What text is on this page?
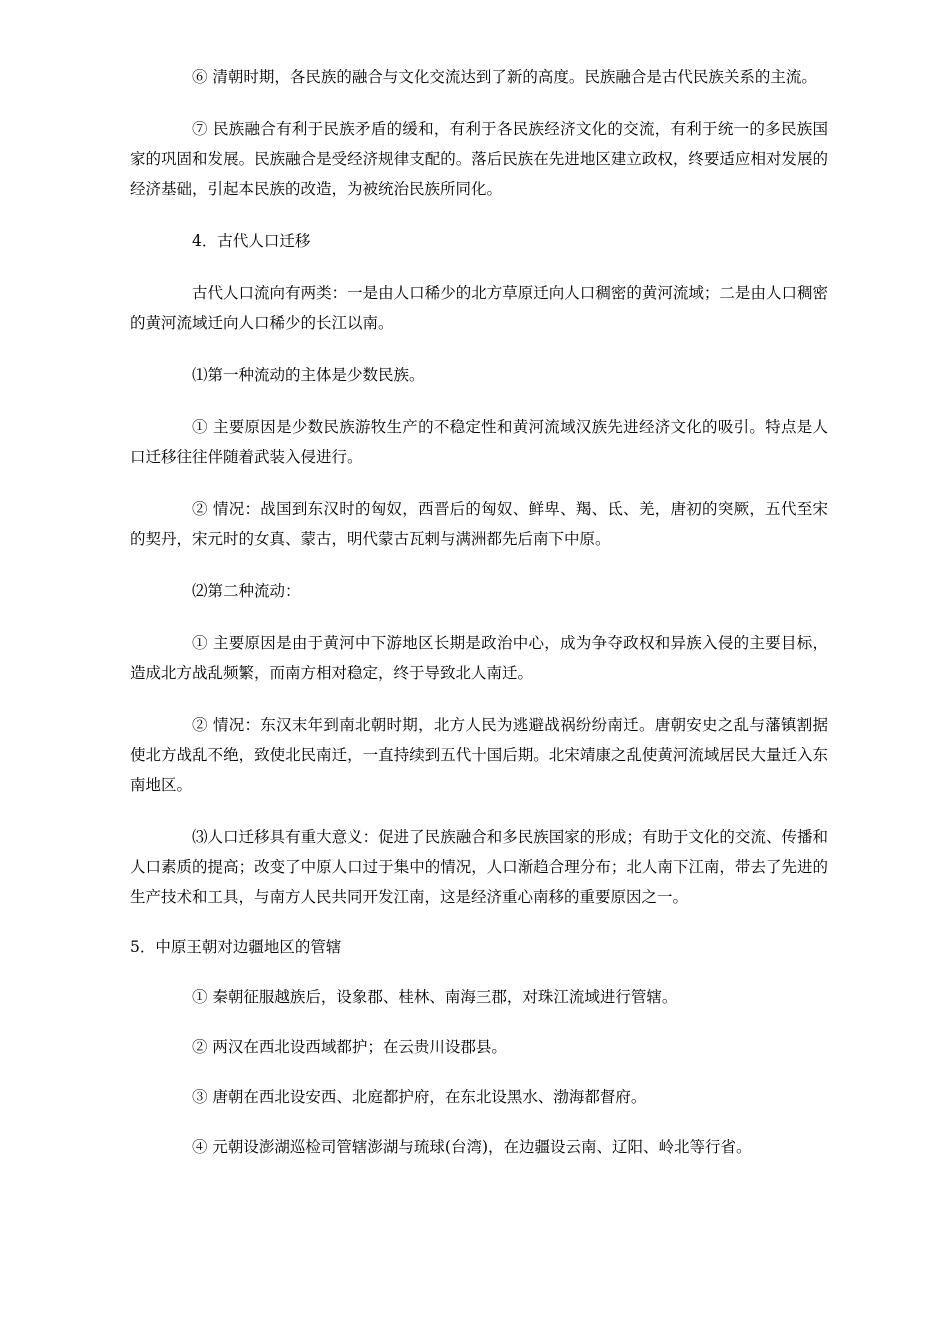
⑥ 清朝时期，各民族的融合与文化交流达到了新的高度。民族融合是古代民族关系的主流。

⑦ 民族融合有利于民族矛盾的缓和，有利于各民族经济文化的交流，有利于统一的多民族国家的巩固和发展。民族融合是受经济规律支配的。落后民族在先进地区建立政权，终要适应相对发展的经济基础，引起本民族的改造，为被统治民族所同化。

4．古代人口迁移

古代人口流向有两类：一是由人口稀少的北方草原迁向人口稠密的黄河流域；二是由人口稠密的黄河流域迁向人口稀少的长江以南。

⑴第一种流动的主体是少数民族。

① 主要原因是少数民族游牧生产的不稳定性和黄河流域汉族先进经济文化的吸引。特点是人口迁移往往伴随着武装入侵进行。

② 情况：战国到东汉时的匈奴，西晋后的匈奴、鲜卑、羯、氐、羌，唐初的突厥，五代至宋的契丹，宋元时的女真、蒙古，明代蒙古瓦剌与满洲都先后南下中原。

⑵第二种流动：

① 主要原因是由于黄河中下游地区长期是政治中心，成为争夺政权和异族入侵的主要目标，造成北方战乱频繁，而南方相对稳定，终于导致北人南迁。

② 情况：东汉末年到南北朝时期，北方人民为逃避战祸纷纷南迁。唐朝安史之乱与藩镇割据使北方战乱不绝，致使北民南迁，一直持续到五代十国后期。北宋靖康之乱使黄河流域居民大量迁入东南地区。

⑶人口迁移具有重大意义：促进了民族融合和多民族国家的形成；有助于文化的交流、传播和人口素质的提高；改变了中原人口过于集中的情况，人口渐趋合理分布；北人南下江南，带去了先进的生产技术和工具，与南方人民共同开发江南，这是经济重心南移的重要原因之一。

5．中原王朝对边疆地区的管辖

① 秦朝征服越族后，设象郡、桂林、南海三郡，对珠江流域进行管辖。

② 两汉在西北设西域都护；在云贵川设郡县。

③ 唐朝在西北设安西、北庭都护府，在东北设黑水、渤海都督府。

④ 元朝设澎湖巡检司管辖澎湖与琉球(台湾)，在边疆设云南、辽阳、岭北等行省。
